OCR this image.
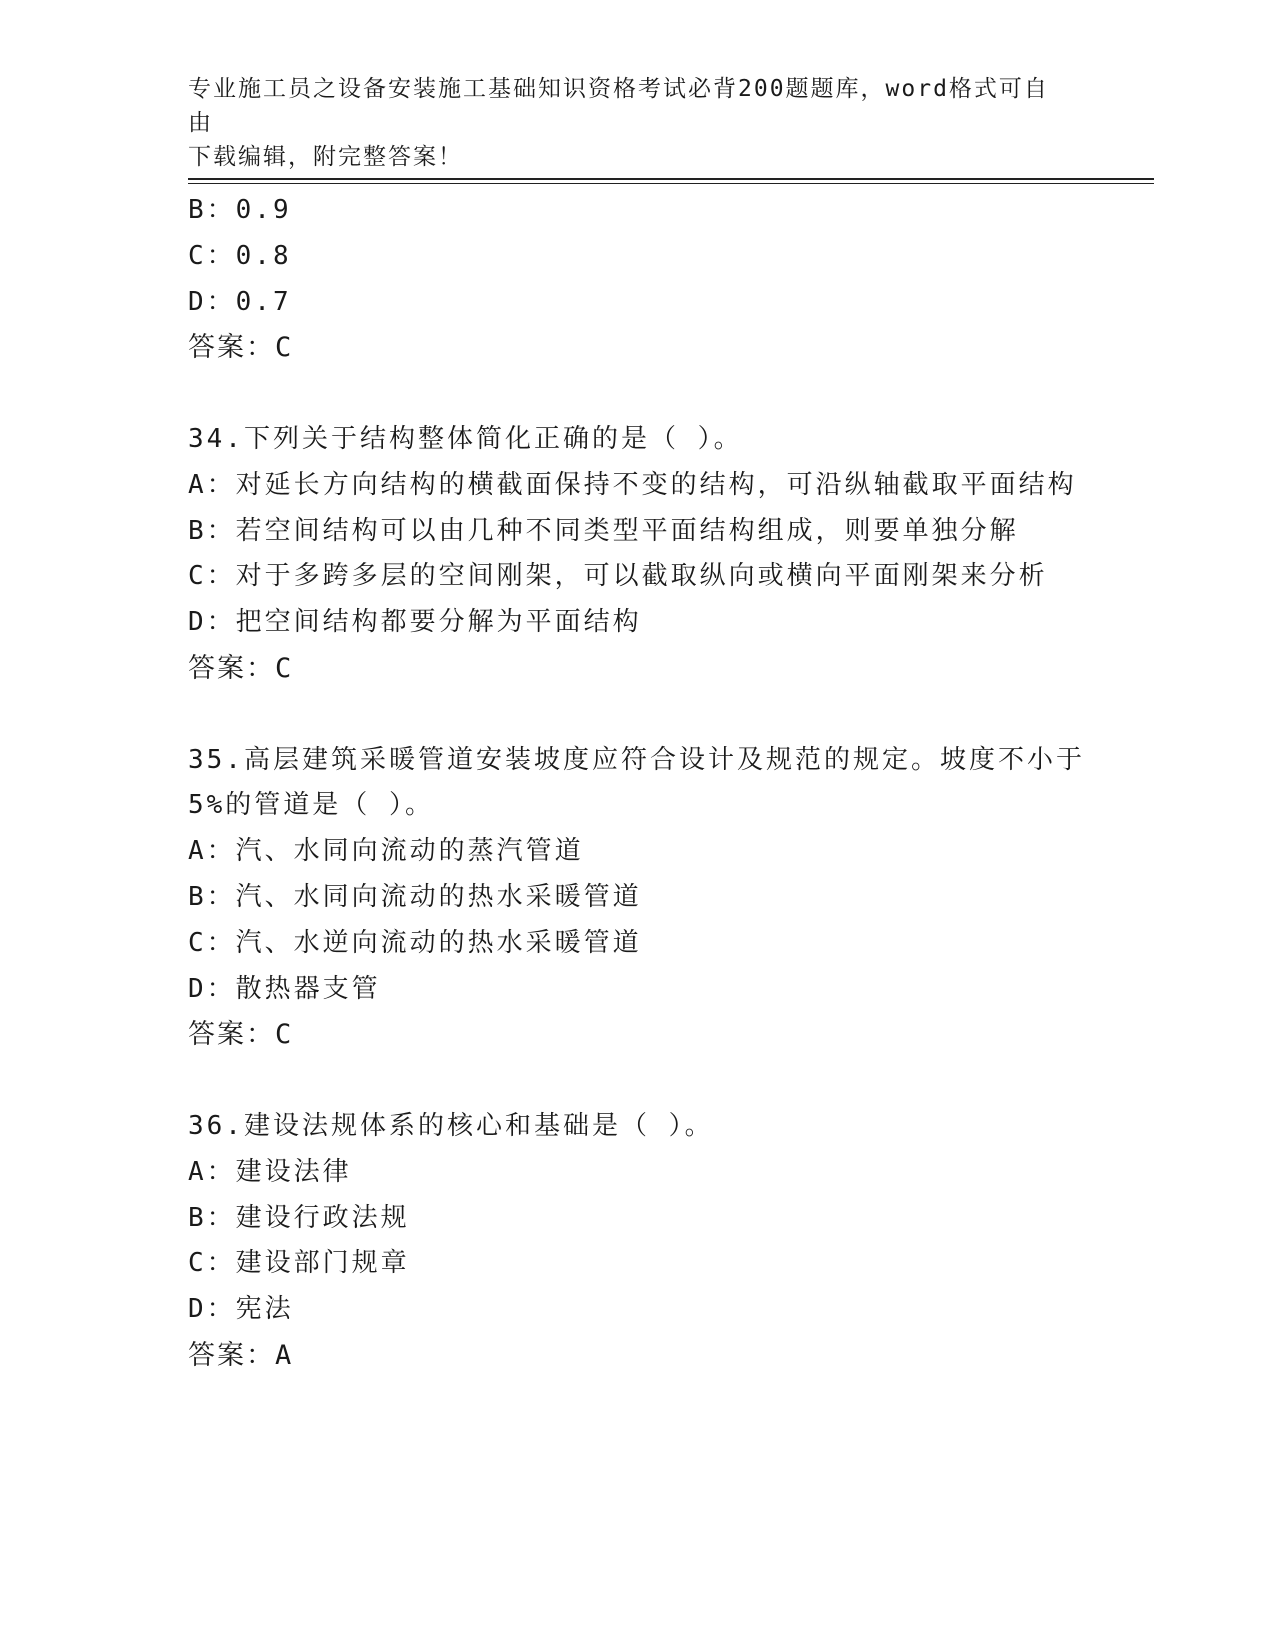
专业施工员之设备安装施工基础知识资格考试必背200题题库，word格式可自由
下载编辑，附完整答案！
B：0.9
C：0.8
D：0.7
答案：C
34.下列关于结构整体简化正确的是（ ）。
A：对延长方向结构的横截面保持不变的结构，可沿纵轴截取平面结构
B：若空间结构可以由几种不同类型平面结构组成，则要单独分解
C：对于多跨多层的空间刚架，可以截取纵向或横向平面刚架来分析
D：把空间结构都要分解为平面结构
答案：C
35.高层建筑采暖管道安装坡度应符合设计及规范的规定。坡度不小于
5%的管道是（ ）。
A：汽、水同向流动的蒸汽管道
B：汽、水同向流动的热水采暖管道
C：汽、水逆向流动的热水采暖管道
D：散热器支管
答案：C
36.建设法规体系的核心和基础是（ ）。
A：建设法律
B：建设行政法规
C：建设部门规章
D：宪法
答案：A
